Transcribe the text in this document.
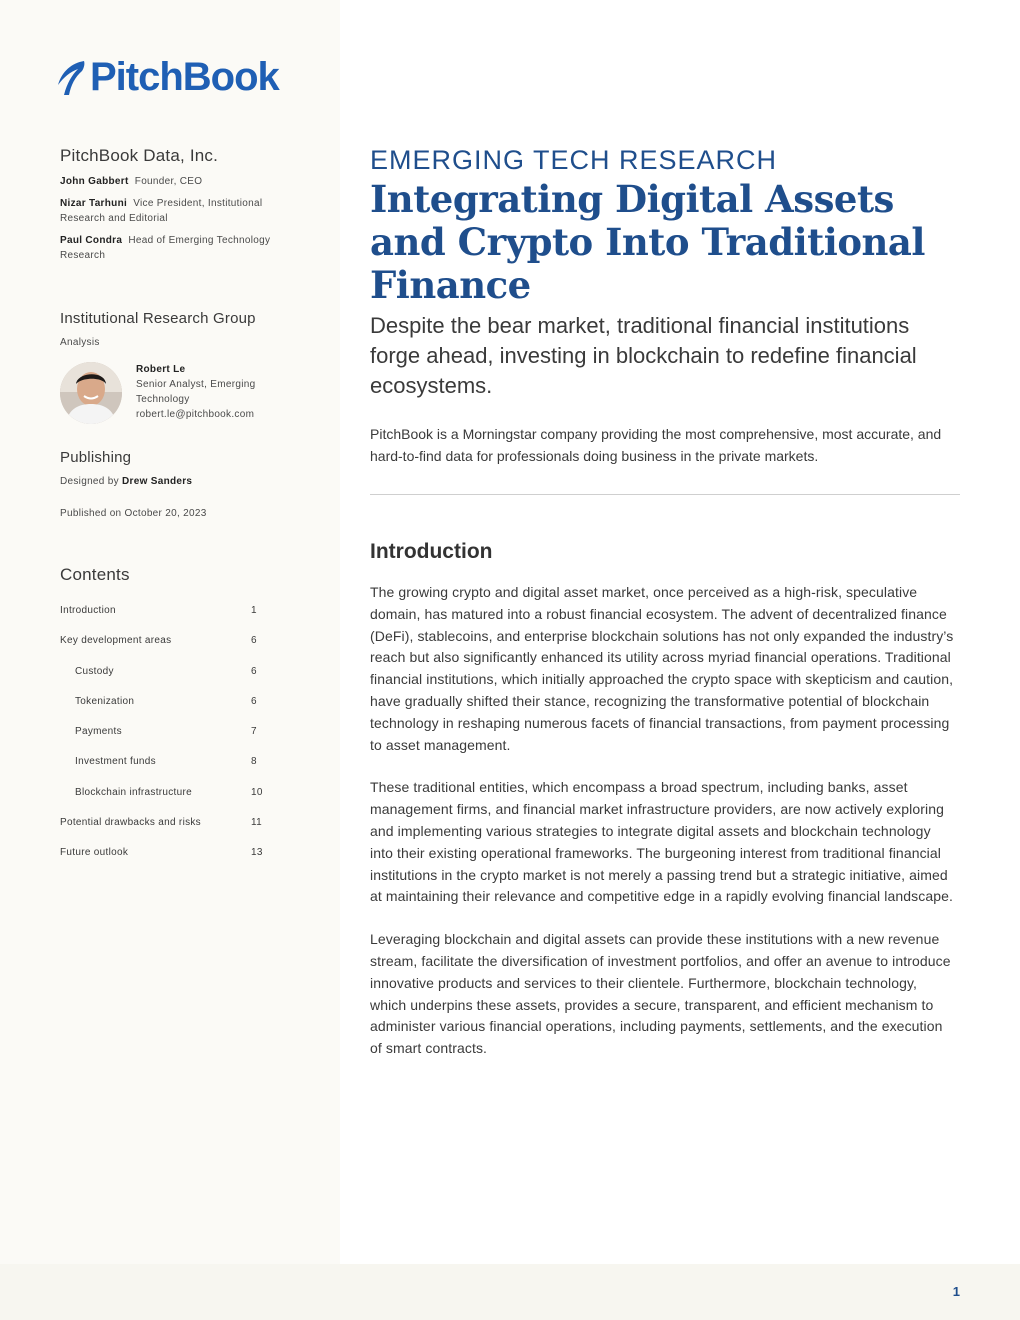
1
PitchBook
PitchBook Data, Inc.
John Gabbert Founder, CEO
Nizar Tarhuni Vice President, Institutional Research and Editorial
Paul Condra Head of Emerging Technology Research
Institutional Research Group
Analysis
Robert Le
Senior Analyst, Emerging Technology
robert.le@pitchbook.com
Publishing
Designed by Drew Sanders
Published on October 20, 2023
Contents
Introduction	1
Key development areas	6
Custody	6
Tokenization	6
Payments	7
Investment funds	8
Blockchain infrastructure	10
Potential drawbacks and risks	11
Future outlook	13
EMERGING TECH RESEARCH
Integrating Digital Assets
and Crypto Into Traditional
Finance

Despite the bear market, traditional financial institutions forge ahead, investing in blockchain to redefine financial ecosystems.

PitchBook is a Morningstar company providing the most comprehensive, most accurate, and hard-to-find data for professionals doing business in the private markets.

Introduction

The growing crypto and digital asset market, once perceived as a high-risk, speculative domain, has matured into a robust financial ecosystem. The advent of decentralized finance (DeFi), stablecoins, and enterprise blockchain solutions has not only expanded the industry’s reach but also significantly enhanced its utility across myriad financial operations. Traditional financial institutions, which initially approached the crypto space with skepticism and caution, have gradually shifted their stance, recognizing the transformative potential of blockchain technology in reshaping numerous facets of financial transactions, from payment processing to asset management.

These traditional entities, which encompass a broad spectrum, including banks, asset management firms, and financial market infrastructure providers, are now actively exploring and implementing various strategies to integrate digital assets and blockchain technology into their existing operational frameworks. The burgeoning interest from traditional financial institutions in the crypto market is not merely a passing trend but a strategic initiative, aimed at maintaining their relevance and competitive edge in a rapidly evolving financial landscape.

Leveraging blockchain and digital assets can provide these institutions with a new revenue stream, facilitate the diversification of investment portfolios, and offer an avenue to introduce innovative products and services to their clientele. Furthermore, blockchain technology, which underpins these assets, provides a secure, transparent, and efficient mechanism to administer various financial operations, including payments, settlements, and the execution of smart contracts.
